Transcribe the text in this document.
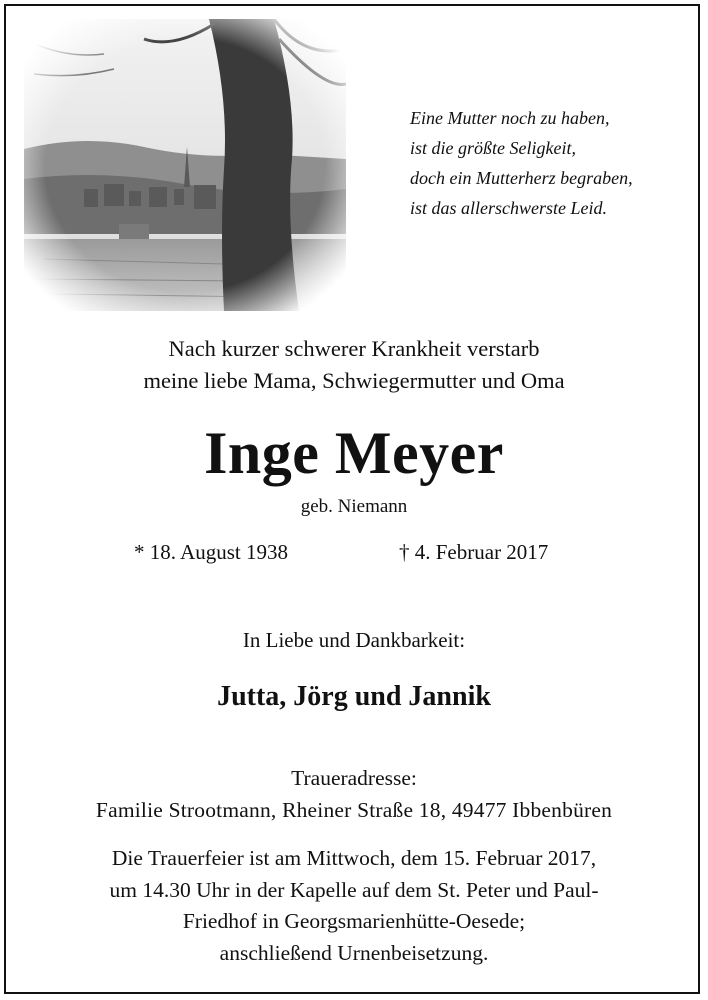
Eine Mutter noch zu haben,
ist die größte Seligkeit,
doch ein Mutterherz begraben,
ist das allerschwerste Leid.
Nach kurzer schwerer Krankheit verstarb
meine liebe Mama, Schwiegermutter und Oma
Inge Meyer
geb. Niemann
* 18. August 1938	† 4. Februar 2017
In Liebe und Dankbarkeit:
Jutta, Jörg und Jannik
Traueradresse:
Familie Strootmann, Rheiner Straße 18, 49477 Ibbenbüren
Die Trauerfeier ist am Mittwoch, dem 15. Februar 2017,
um 14.30 Uhr in der Kapelle auf dem St. Peter und Paul-
Friedhof in Georgsmarienhütte-Oesede;
anschließend Urnenbeisetzung.
